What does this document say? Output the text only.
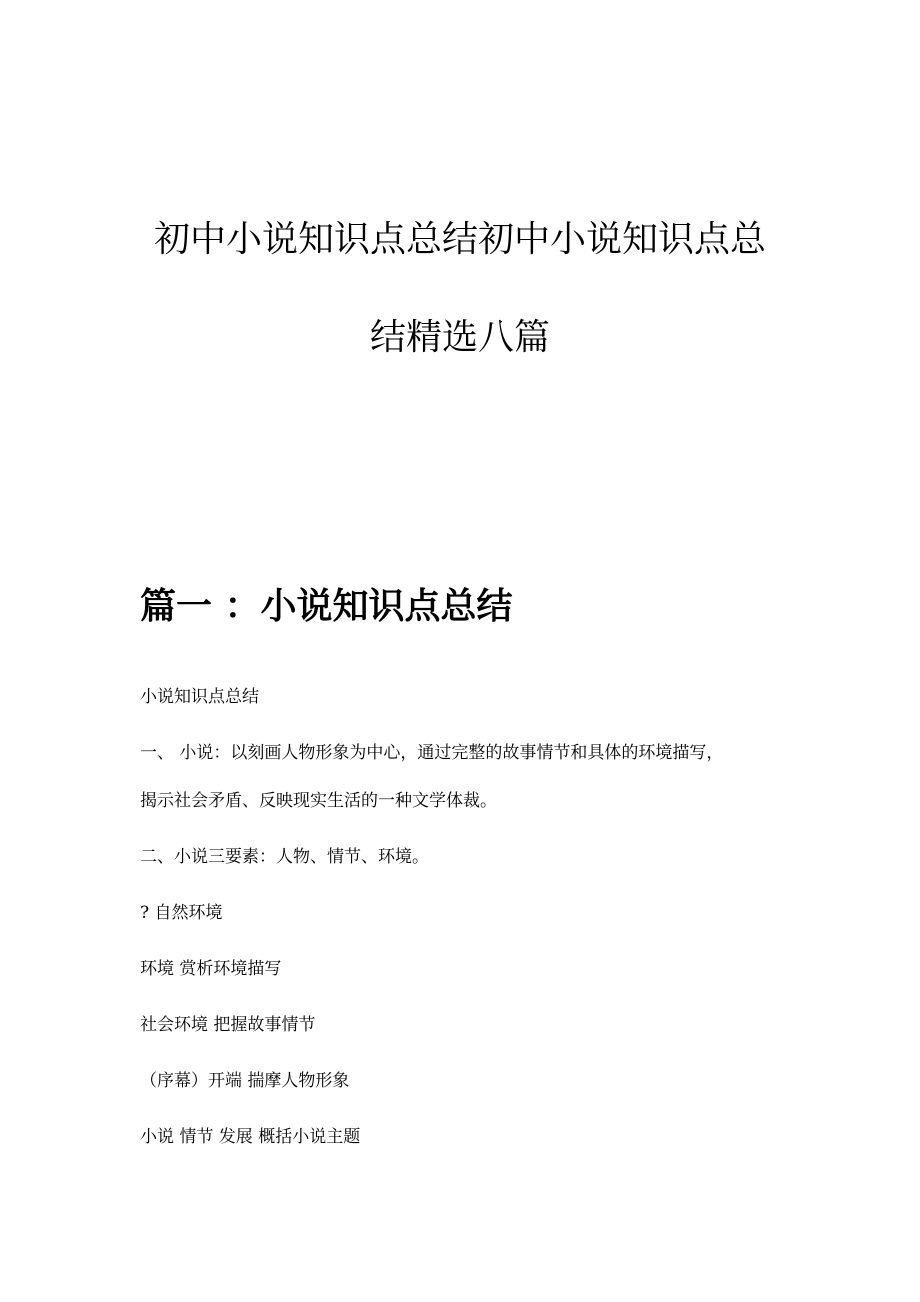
初中小说知识点总结初中小说知识点总
结精选八篇
篇一 ：小说知识点总结
小说知识点总结
一、 小说：以刻画人物形象为中心，通过完整的故事情节和具体的环境描写，
揭示社会矛盾、反映现实生活的一种文学体裁。
二、小说三要素：人物、情节、环境。
? 自然环境
环境 赏析环境描写
社会环境 把握故事情节
（序幕）开端 揣摩人物形象
小说 情节 发展 概括小说主题
